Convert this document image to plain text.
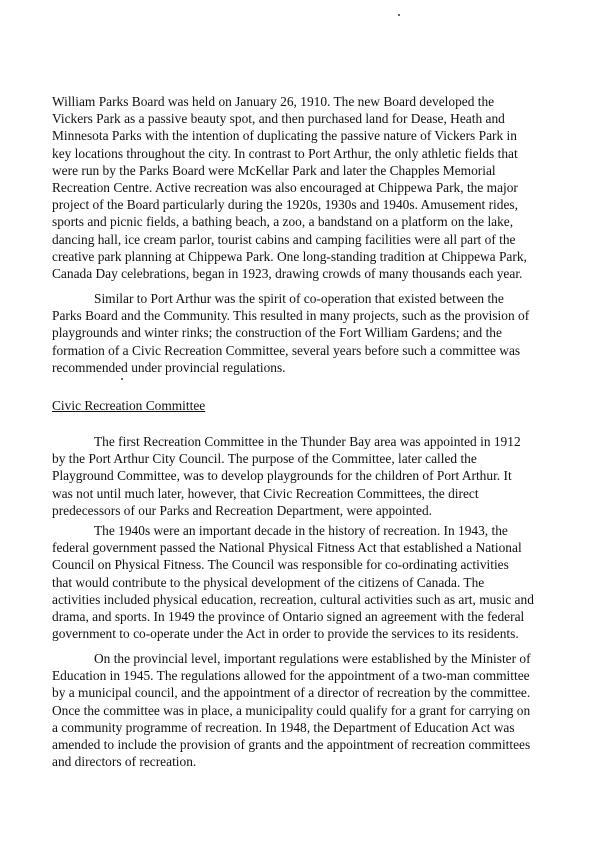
William Parks Board was held on January 26, 1910. The new Board developed the
Vickers Park as a passive beauty spot, and then purchased land for Dease, Heath and
Minnesota Parks with the intention of duplicating the passive nature of Vickers Park in
key locations throughout the city. In contrast to Port Arthur, the only athletic fields that
were run by the Parks Board were McKellar Park and later the Chapples Memorial
Recreation Centre. Active recreation was also encouraged at Chippewa Park, the major
project of the Board particularly during the 1920s, 1930s and 1940s. Amusement rides,
sports and picnic fields, a bathing beach, a zoo, a bandstand on a platform on the lake,
dancing hall, ice cream parlor, tourist cabins and camping facilities were all part of the
creative park planning at Chippewa Park. One long-standing tradition at Chippewa Park,
Canada Day celebrations, began in 1923, drawing crowds of many thousands each year.
Similar to Port Arthur was the spirit of co-operation that existed between the
Parks Board and the Community. This resulted in many projects, such as the provision of
playgrounds and winter rinks; the construction of the Fort William Gardens; and the
formation of a Civic Recreation Committee, several years before such a committee was
recommended under provincial regulations.

Civic Recreation Committee

The first Recreation Committee in the Thunder Bay area was appointed in 1912
by the Port Arthur City Council. The purpose of the Committee, later called the
Playground Committee, was to develop playgrounds for the children of Port Arthur. It
was not until much later, however, that Civic Recreation Committees, the direct
predecessors of our Parks and Recreation Department, were appointed.
The 1940s were an important decade in the history of recreation. In 1943, the
federal government passed the National Physical Fitness Act that established a National
Council on Physical Fitness. The Council was responsible for co-ordinating activities
that would contribute to the physical development of the citizens of Canada. The
activities included physical education, recreation, cultural activities such as art, music and
drama, and sports. In 1949 the province of Ontario signed an agreement with the federal
government to co-operate under the Act in order to provide the services to its residents.
On the provincial level, important regulations were established by the Minister of
Education in 1945. The regulations allowed for the appointment of a two-man committee
by a municipal council, and the appointment of a director of recreation by the committee.
Once the committee was in place, a municipality could qualify for a grant for carrying on
a community programme of recreation. In 1948, the Department of Education Act was
amended to include the provision of grants and the appointment of recreation committees
and directors of recreation.
